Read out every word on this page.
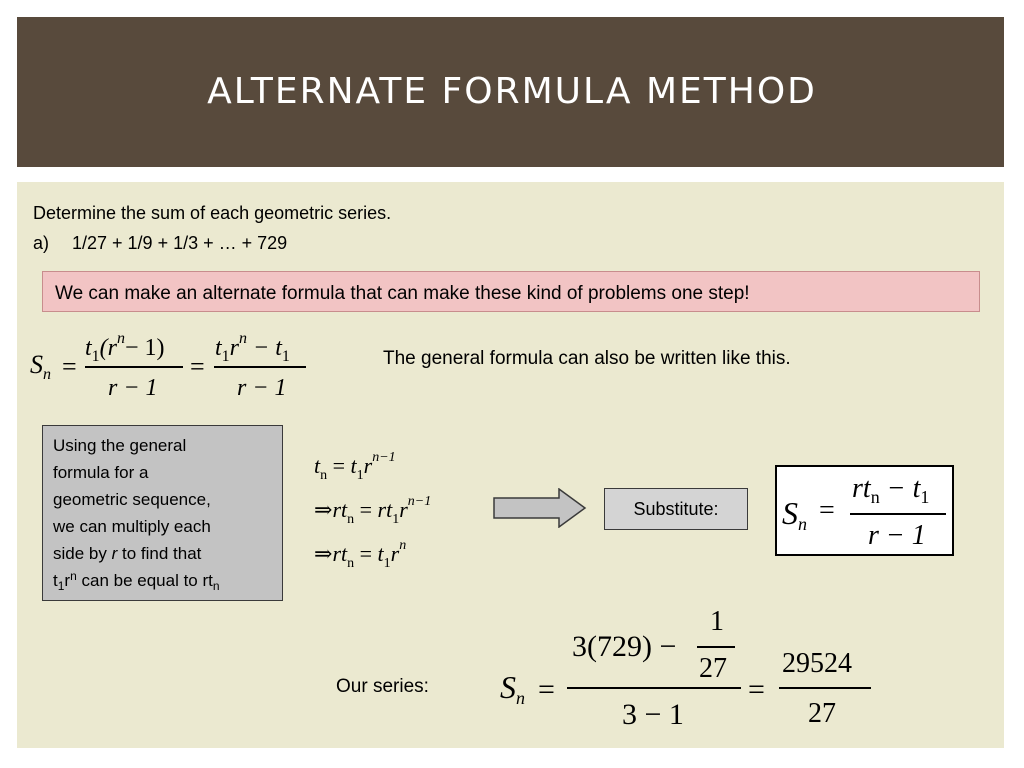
ALTERNATE FORMULA METHOD
Determine the sum of each geometric series.
a) 1/27 + 1/9 + 1/3 + … + 729
We can make an alternate formula that can make these kind of problems one step!
$S_n$ =
$t_1(r^n- 1)$
r − 1
=
$t_1r^n - t_1$
r − 1
The general formula can also be written like this.
Using the general
formula for a
geometric sequence,
we can multiply each
side by r to find that
$t_1r^n$ can be equal to $rt_n$
$t_n = t_1r^{n-1}$
$\Rightarrow rt_n = rt_1r^{n-1}$
$\Rightarrow rt_n = t_1r^n$
Substitute:	Sn =
$rt_n - t_1$
r − 1
Our series: Sn =
3(729) −
1
27
3 − 1
=
29524
27
